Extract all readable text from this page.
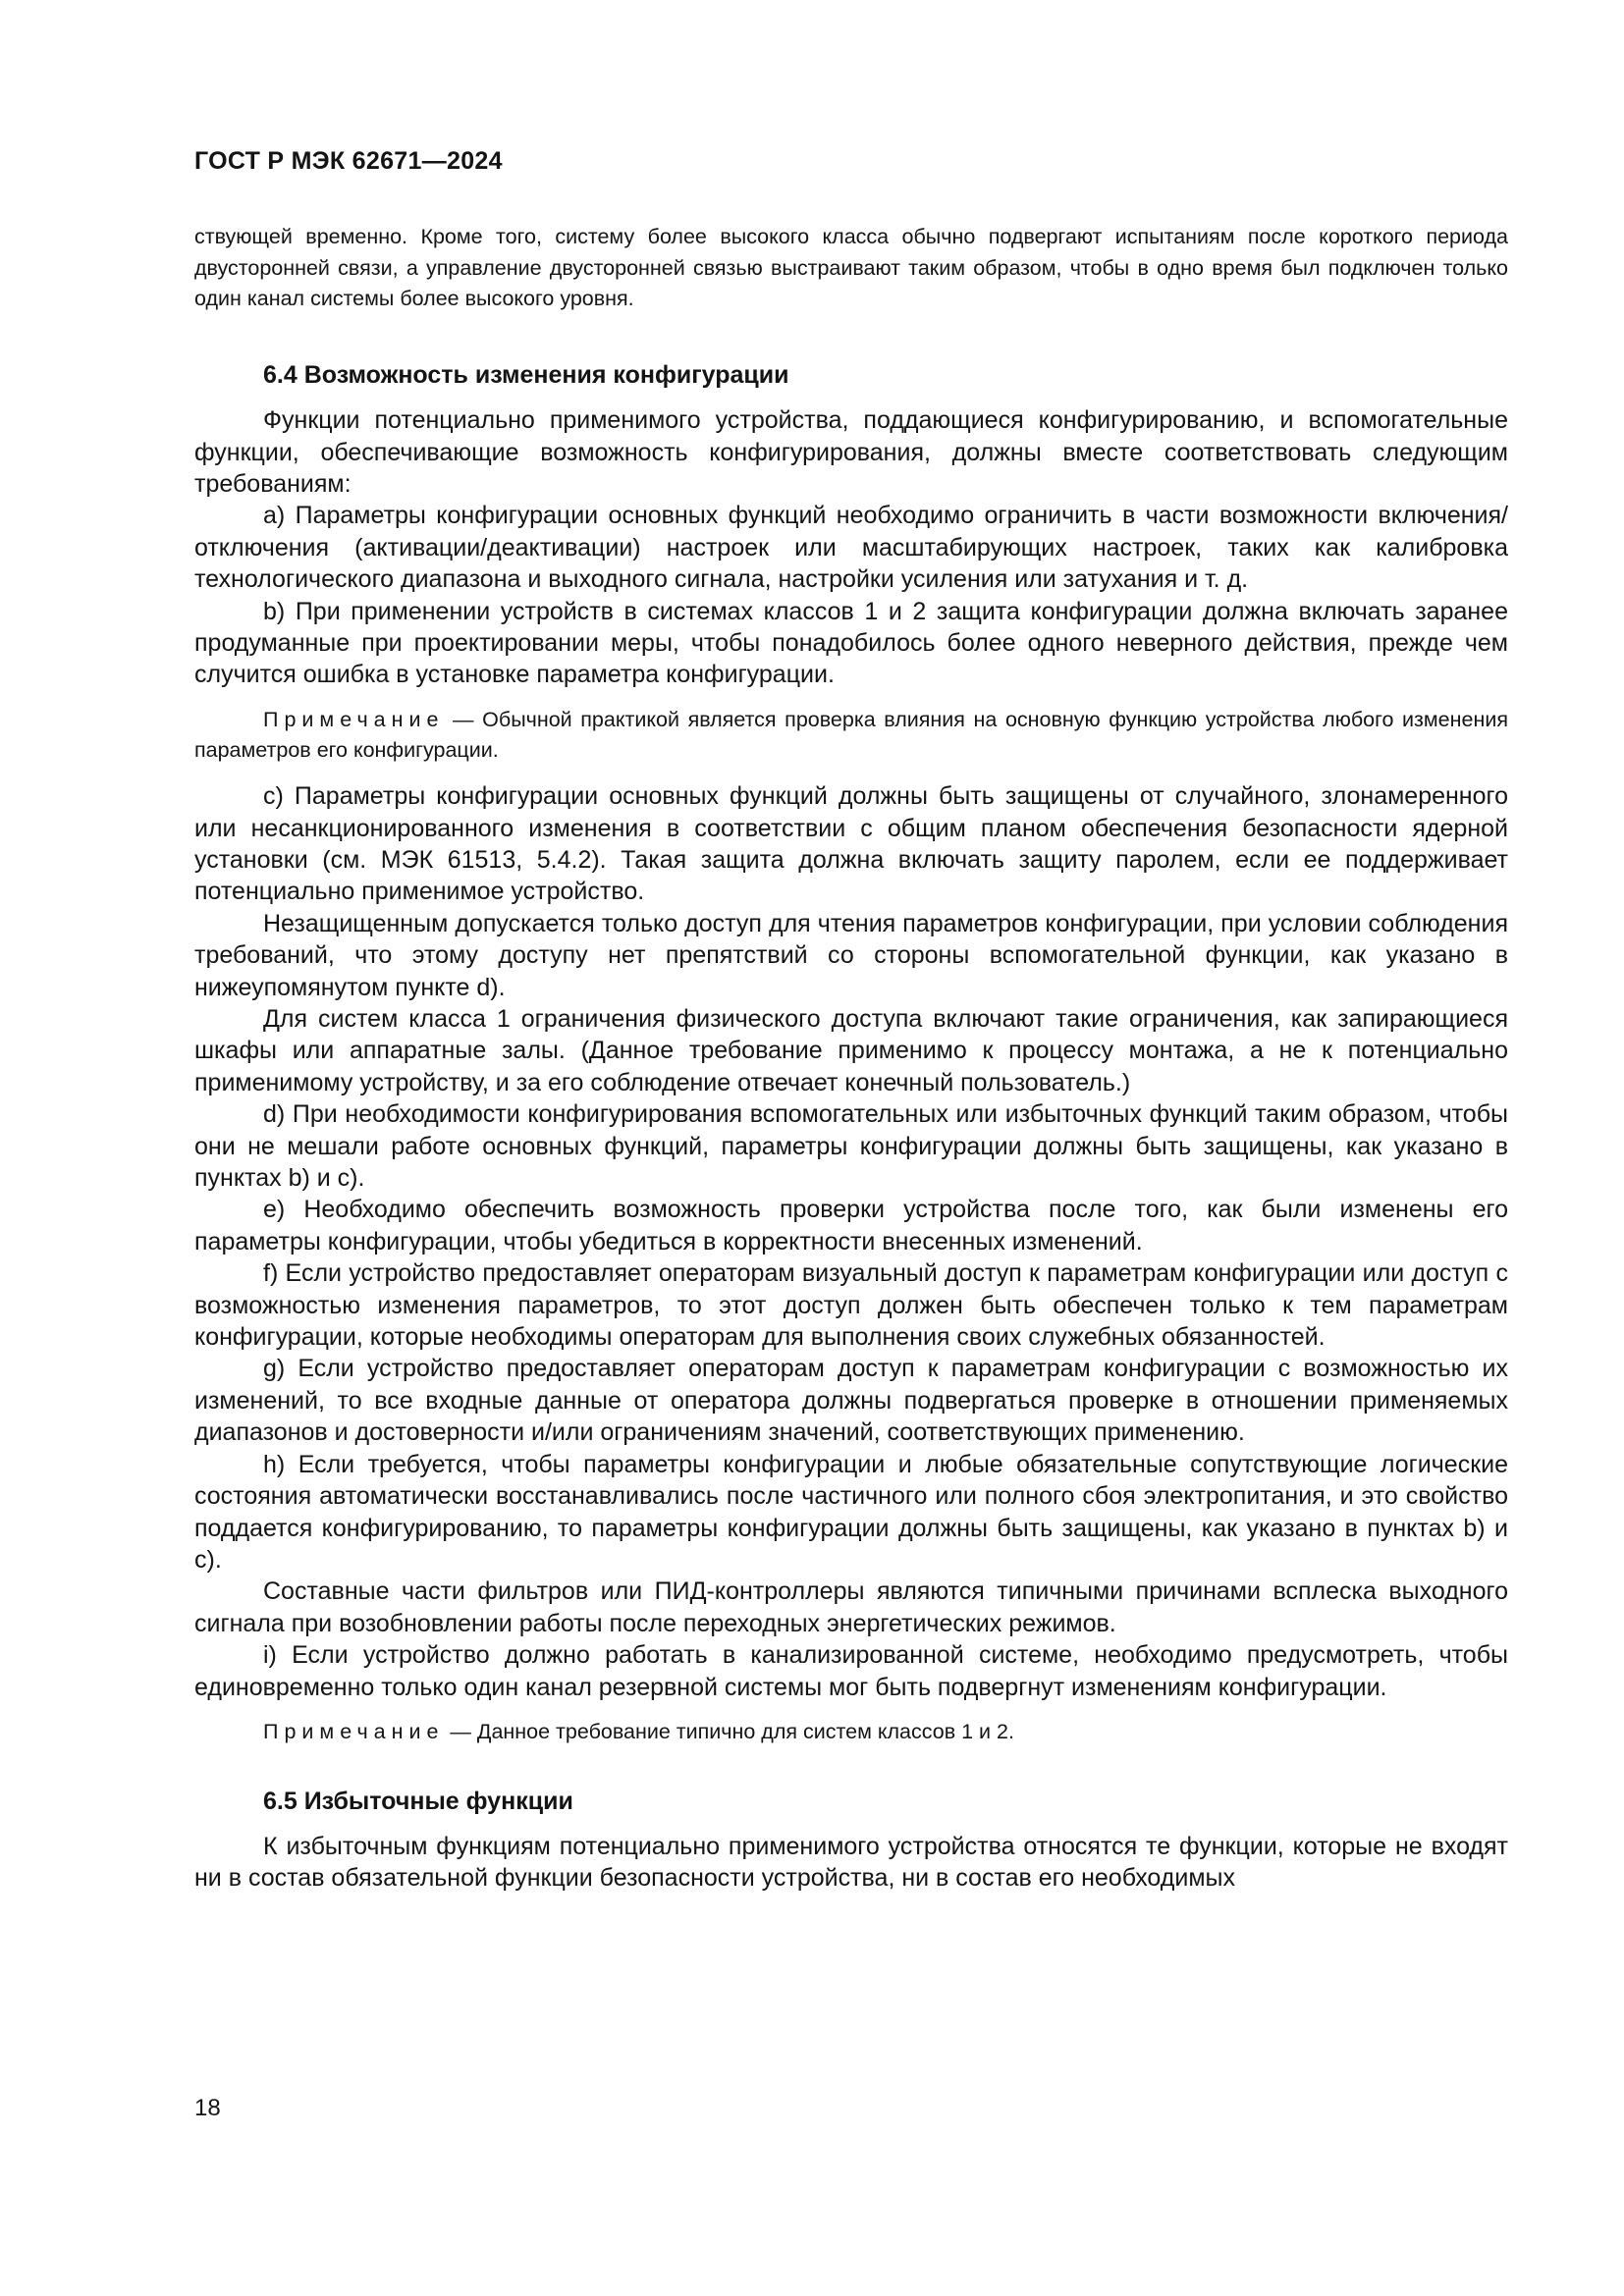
ГОСТ Р МЭК 62671—2024

ствующей временно. Кроме того, систему более высокого класса обычно подвергают испытаниям после короткого периода двусторонней связи, а управление двусторонней связью выстраивают таким образом, чтобы в одно время был подключен только один канал системы более высокого уровня.

6.4 Возможность изменения конфигурации

Функции потенциально применимого устройства, поддающиеся конфигурированию, и вспомогательные функции, обеспечивающие возможность конфигурирования, должны вместе соответствовать следующим требованиям:

а) Параметры конфигурации основных функций необходимо ограничить в части возможности включения/отключения (активации/деактивации) настроек или масштабирующих настроек, таких как калибровка технологического диапазона и выходного сигнала, настройки усиления или затухания и т. д.

b) При применении устройств в системах классов 1 и 2 защита конфигурации должна включать заранее продуманные при проектировании меры, чтобы понадобилось более одного неверного действия, прежде чем случится ошибка в установке параметра конфигурации.

Примечание — Обычной практикой является проверка влияния на основную функцию устройства любого изменения параметров его конфигурации.

с) Параметры конфигурации основных функций должны быть защищены от случайного, злонамеренного или несанкционированного изменения в соответствии с общим планом обеспечения безопасности ядерной установки (см. МЭК 61513, 5.4.2). Такая защита должна включать защиту паролем, если ее поддерживает потенциально применимое устройство.

Незащищенным допускается только доступ для чтения параметров конфигурации, при условии соблюдения требований, что этому доступу нет препятствий со стороны вспомогательной функции, как указано в нижеупомянутом пункте d).

Для систем класса 1 ограничения физического доступа включают такие ограничения, как запирающиеся шкафы или аппаратные залы. (Данное требование применимо к процессу монтажа, а не к потенциально применимому устройству, и за его соблюдение отвечает конечный пользователь.)

d) При необходимости конфигурирования вспомогательных или избыточных функций таким образом, чтобы они не мешали работе основных функций, параметры конфигурации должны быть защищены, как указано в пунктах b) и с).

е) Необходимо обеспечить возможность проверки устройства после того, как были изменены его параметры конфигурации, чтобы убедиться в корректности внесенных изменений.

f) Если устройство предоставляет операторам визуальный доступ к параметрам конфигурации или доступ с возможностью изменения параметров, то этот доступ должен быть обеспечен только к тем параметрам конфигурации, которые необходимы операторам для выполнения своих служебных обязанностей.

g) Если устройство предоставляет операторам доступ к параметрам конфигурации с возможностью их изменений, то все входные данные от оператора должны подвергаться проверке в отношении применяемых диапазонов и достоверности и/или ограничениям значений, соответствующих применению.

h) Если требуется, чтобы параметры конфигурации и любые обязательные сопутствующие логические состояния автоматически восстанавливались после частичного или полного сбоя электропитания, и это свойство поддается конфигурированию, то параметры конфигурации должны быть защищены, как указано в пунктах b) и с).

Составные части фильтров или ПИД-контроллеры являются типичными причинами всплеска выходного сигнала при возобновлении работы после переходных энергетических режимов.

i) Если устройство должно работать в канализированной системе, необходимо предусмотреть, чтобы единовременно только один канал резервной системы мог быть подвергнут изменениям конфигурации.

Примечание — Данное требование типично для систем классов 1 и 2.

6.5 Избыточные функции

К избыточным функциям потенциально применимого устройства относятся те функции, которые не входят ни в состав обязательной функции безопасности устройства, ни в состав его необходимых

18
